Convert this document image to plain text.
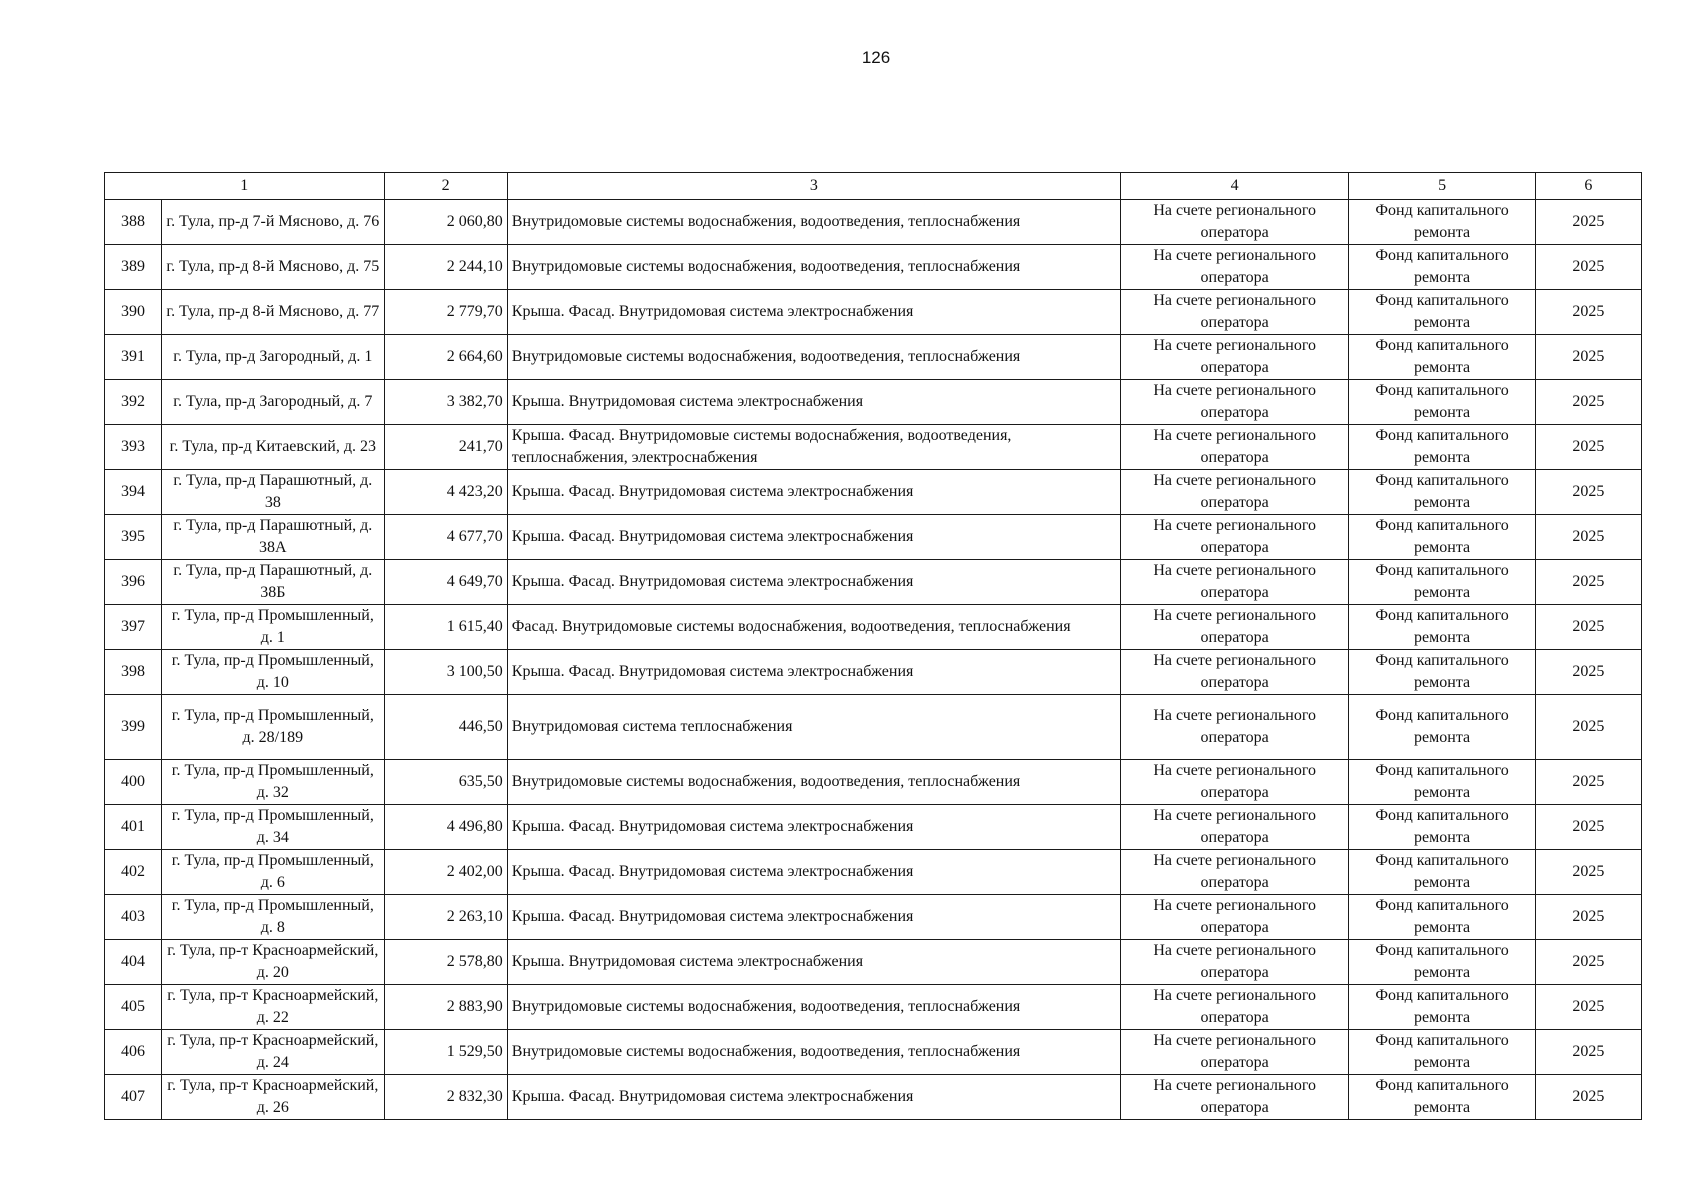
126
1		2	3	4	5	6
388	г. Тула, пр-д 7-й Мясново, д. 76	2 060,80	Внутридомовые системы водоснабжения, водоотведения, теплоснабжения	На счете регионального оператора	Фонд капитального ремонта	2025
389	г. Тула, пр-д 8-й Мясново, д. 75	2 244,10	Внутридомовые системы водоснабжения, водоотведения, теплоснабжения	На счете регионального оператора	Фонд капитального ремонта	2025
390	г. Тула, пр-д 8-й Мясново, д. 77	2 779,70	Крыша. Фасад. Внутридомовая система электроснабжения	На счете регионального оператора	Фонд капитального ремонта	2025
391	г. Тула, пр-д Загородный, д. 1	2 664,60	Внутридомовые системы водоснабжения, водоотведения, теплоснабжения	На счете регионального оператора	Фонд капитального ремонта	2025
392	г. Тула, пр-д Загородный, д. 7	3 382,70	Крыша. Внутридомовая система электроснабжения	На счете регионального оператора	Фонд капитального ремонта	2025
393	г. Тула, пр-д Китаевский, д. 23	241,70	Крыша. Фасад. Внутридомовые системы водоснабжения, водоотведения, теплоснабжения, электроснабжения	На счете регионального оператора	Фонд капитального ремонта	2025
394	г. Тула, пр-д Парашютный, д. 38	4 423,20	Крыша. Фасад. Внутридомовая система электроснабжения	На счете регионального оператора	Фонд капитального ремонта	2025
395	г. Тула, пр-д Парашютный, д. 38А	4 677,70	Крыша. Фасад. Внутридомовая система электроснабжения	На счете регионального оператора	Фонд капитального ремонта	2025
396	г. Тула, пр-д Парашютный, д. 38Б	4 649,70	Крыша. Фасад. Внутридомовая система электроснабжения	На счете регионального оператора	Фонд капитального ремонта	2025
397	г. Тула, пр-д Промышленный, д. 1	1 615,40	Фасад. Внутридомовые системы водоснабжения, водоотведения, теплоснабжения	На счете регионального оператора	Фонд капитального ремонта	2025
398	г. Тула, пр-д Промышленный, д. 10	3 100,50	Крыша. Фасад. Внутридомовая система электроснабжения	На счете регионального оператора	Фонд капитального ремонта	2025
399	г. Тула, пр-д Промышленный, д. 28/189	446,50	Внутридомовая система теплоснабжения	На счете регионального оператора	Фонд капитального ремонта	2025
400	г. Тула, пр-д Промышленный, д. 32	635,50	Внутридомовые системы водоснабжения, водоотведения, теплоснабжения	На счете регионального оператора	Фонд капитального ремонта	2025
401	г. Тула, пр-д Промышленный, д. 34	4 496,80	Крыша. Фасад. Внутридомовая система электроснабжения	На счете регионального оператора	Фонд капитального ремонта	2025
402	г. Тула, пр-д Промышленный, д. 6	2 402,00	Крыша. Фасад. Внутридомовая система электроснабжения	На счете регионального оператора	Фонд капитального ремонта	2025
403	г. Тула, пр-д Промышленный, д. 8	2 263,10	Крыша. Фасад. Внутридомовая система электроснабжения	На счете регионального оператора	Фонд капитального ремонта	2025
404	г. Тула, пр-т Красноармейский, д. 20	2 578,80	Крыша. Внутридомовая система электроснабжения	На счете регионального оператора	Фонд капитального ремонта	2025
405	г. Тула, пр-т Красноармейский, д. 22	2 883,90	Внутридомовые системы водоснабжения, водоотведения, теплоснабжения	На счете регионального оператора	Фонд капитального ремонта	2025
406	г. Тула, пр-т Красноармейский, д. 24	1 529,50	Внутридомовые системы водоснабжения, водоотведения, теплоснабжения	На счете регионального оператора	Фонд капитального ремонта	2025
407	г. Тула, пр-т Красноармейский, д. 26	2 832,30	Крыша. Фасад. Внутридомовая система электроснабжения	На счете регионального оператора	Фонд капитального ремонта	2025
